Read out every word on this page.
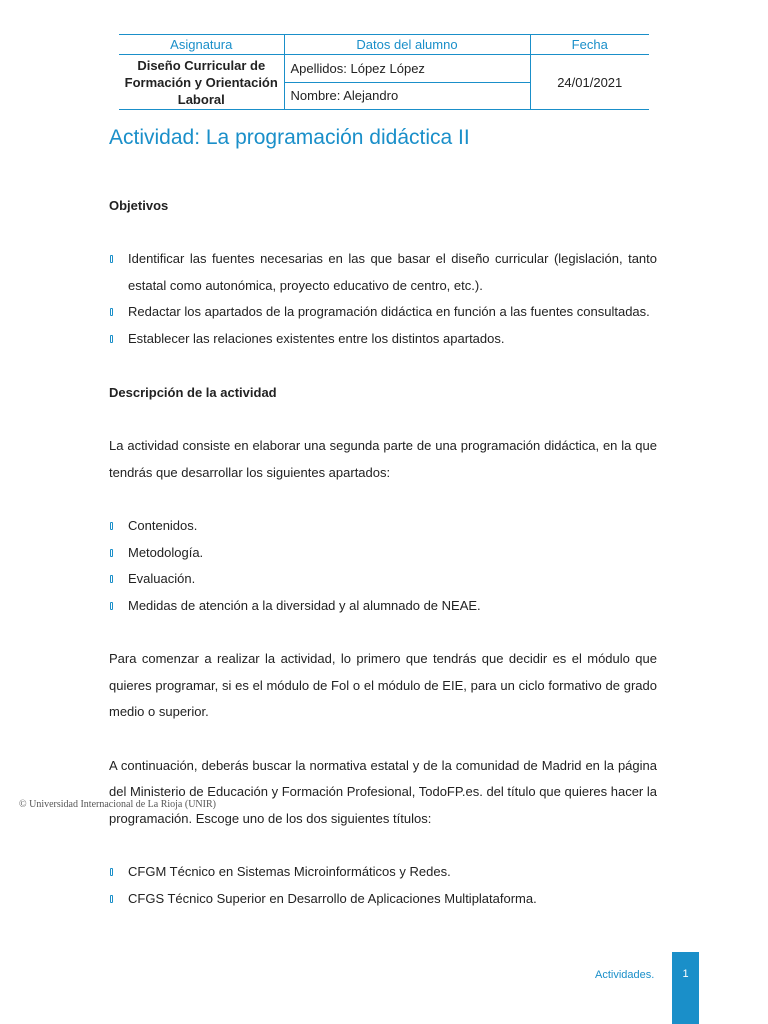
Asignatura	Datos del alumno	Fecha
Diseño Curricular de Formación y Orientación Laboral	Apellidos: López López	24/01/2021
	Nombre: Alejandro	
Actividad: La programación didáctica II

Objetivos

Identificar las fuentes necesarias en las que basar el diseño curricular (legislación, tanto estatal como autonómica, proyecto educativo de centro, etc.).
Redactar los apartados de la programación didáctica en función a las fuentes consultadas.
Establecer las relaciones existentes entre los distintos apartados.

Descripción de la actividad

La actividad consiste en elaborar una segunda parte de una programación didáctica, en la que tendrás que desarrollar los siguientes apartados:

Contenidos.
Metodología.
Evaluación.
Medidas de atención a la diversidad y al alumnado de NEAE.

Para comenzar a realizar la actividad, lo primero que tendrás que decidir es el módulo que quieres programar, si es el módulo de Fol o el módulo de EIE, para un ciclo formativo de grado medio o superior.

A continuación, deberás buscar la normativa estatal y de la comunidad de Madrid en la página del Ministerio de Educación y Formación Profesional, TodoFP.es. del título que quieres hacer la programación. Escoge uno de los dos siguientes títulos:

CFGM Técnico en Sistemas Microinformáticos y Redes.
CFGS Técnico Superior en Desarrollo de Aplicaciones Multiplataforma.
© Universidad Internacional de La Rioja (UNIR)
Actividades.	1
